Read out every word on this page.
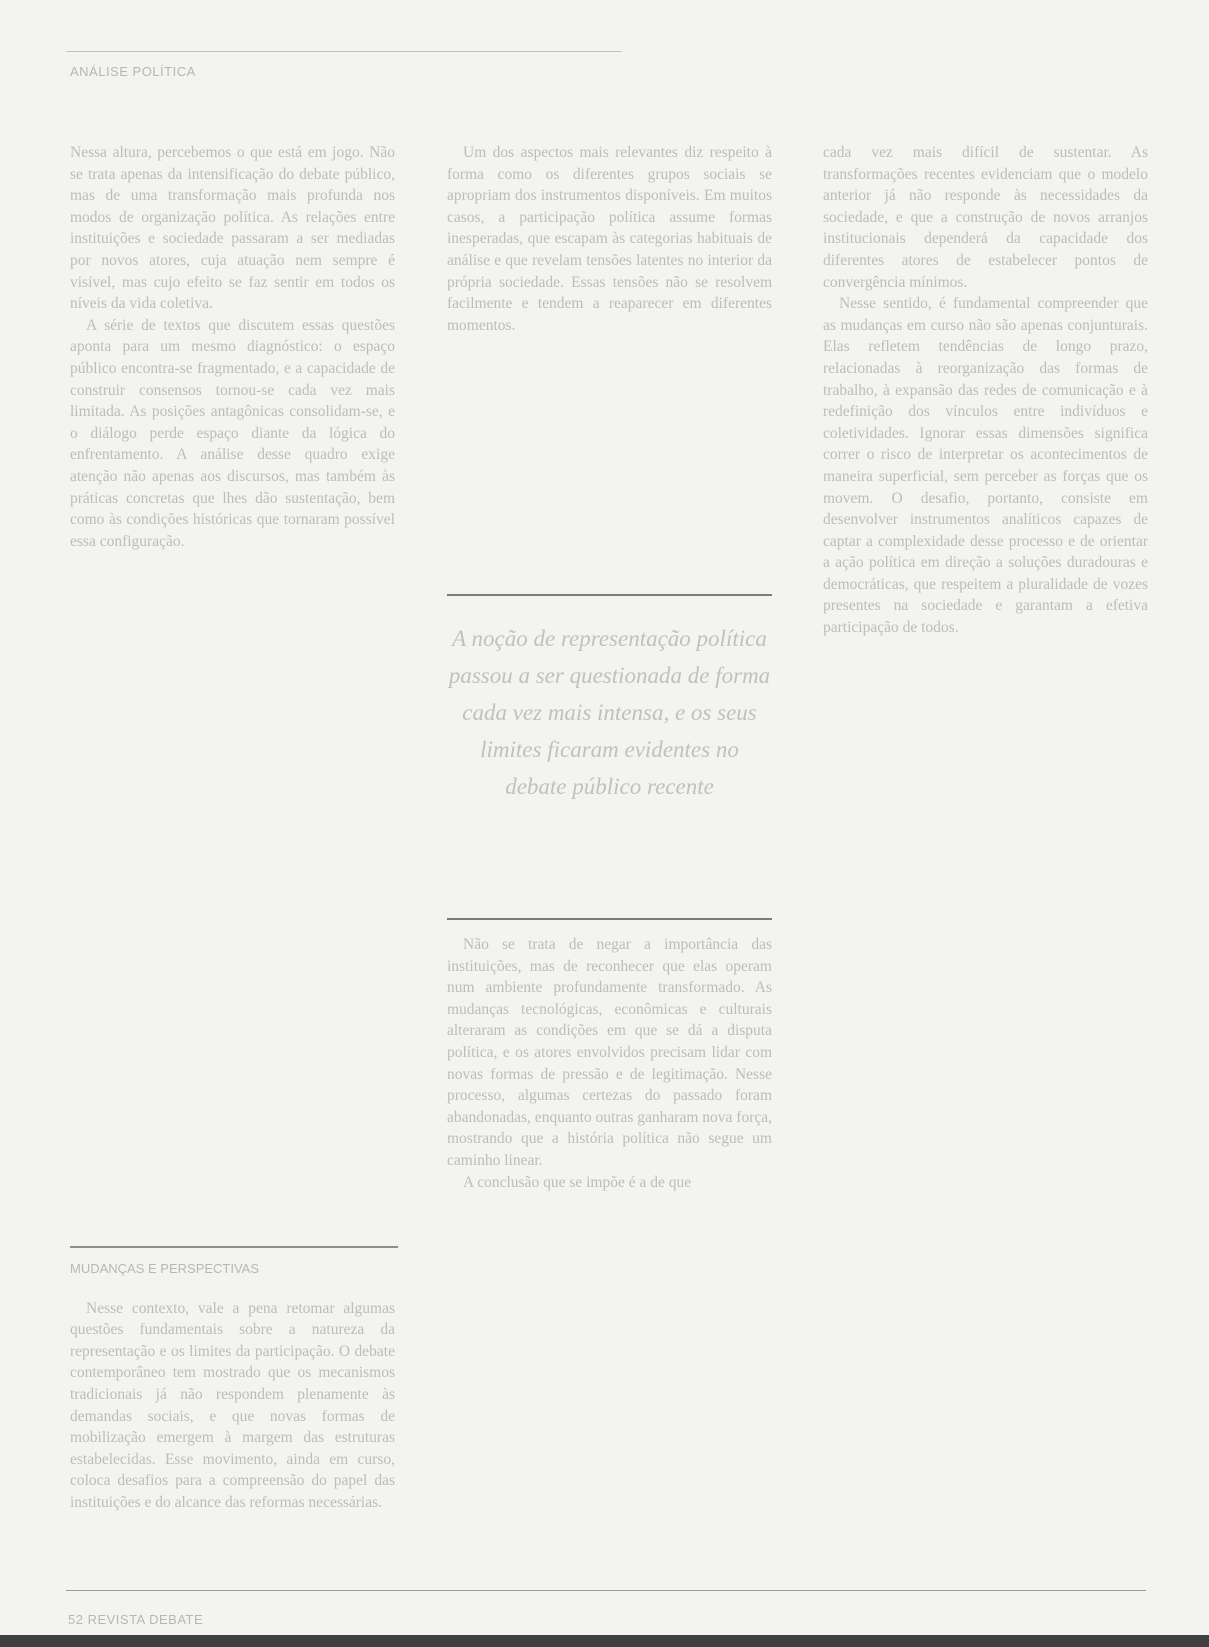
ANÁLISE POLÍTICA

Nessa altura, percebemos o que está em jogo. Não se trata apenas da intensificação do debate público, mas de uma transformação mais profunda nos modos de organização política. As relações entre instituições e sociedade passaram a ser mediadas por novos atores, cuja atuação nem sempre é visível, mas cujo efeito se faz sentir em todos os níveis da vida coletiva.

A série de textos que discutem essas questões aponta para um mesmo diagnóstico: o espaço público encontra-se fragmentado, e a capacidade de construir consensos tornou-se cada vez mais limitada. As posições antagônicas consolidam-se, e o diálogo perde espaço diante da lógica do enfrentamento. A análise desse quadro exige atenção não apenas aos discursos, mas também às práticas concretas que lhes dão sustentação, bem como às condições históricas que tornaram possível essa configuração.

MUDANÇAS E PERSPECTIVAS

Nesse contexto, vale a pena retomar algumas questões fundamentais sobre a natureza da representação e os limites da participação. O debate contemporâneo tem mostrado que os mecanismos tradicionais já não respondem plenamente às demandas sociais, e que novas formas de mobilização emergem à margem das estruturas estabelecidas. Esse movimento, ainda em curso, coloca desafios para a compreensão do papel das instituições e do alcance das reformas necessárias.

Um dos aspectos mais relevantes diz respeito à forma como os diferentes grupos sociais se apropriam dos instrumentos disponíveis. Em muitos casos, a participação política assume formas inesperadas, que escapam às categorias habituais de análise e que revelam tensões latentes no interior da própria sociedade. Essas tensões não se resolvem facilmente e tendem a reaparecer em diferentes momentos.

A noção de representação política passou a ser questionada de forma cada vez mais intensa, e os seus limites ficaram evidentes no debate público recente

Não se trata de negar a importância das instituições, mas de reconhecer que elas operam num ambiente profundamente transformado. As mudanças tecnológicas, econômicas e culturais alteraram as condições em que se dá a disputa política, e os atores envolvidos precisam lidar com novas formas de pressão e de legitimação. Nesse processo, algumas certezas do passado foram abandonadas, enquanto outras ganharam nova força, mostrando que a história política não segue um caminho linear.

A conclusão que se impõe é a de que

cada vez mais difícil de sustentar. As transformações recentes evidenciam que o modelo anterior já não responde às necessidades da sociedade, e que a construção de novos arranjos institucionais dependerá da capacidade dos diferentes atores de estabelecer pontos de convergência mínimos.

Nesse sentido, é fundamental compreender que as mudanças em curso não são apenas conjunturais. Elas refletem tendências de longo prazo, relacionadas à reorganização das formas de trabalho, à expansão das redes de comunicação e à redefinição dos vínculos entre indivíduos e coletividades. Ignorar essas dimensões significa correr o risco de interpretar os acontecimentos de maneira superficial, sem perceber as forças que os movem. O desafio, portanto, consiste em desenvolver instrumentos analíticos capazes de captar a complexidade desse processo e de orientar a ação política em direção a soluções duradouras e democráticas, que respeitem a pluralidade de vozes presentes na sociedade e garantam a efetiva participação de todos.

52 REVISTA DEBATE
